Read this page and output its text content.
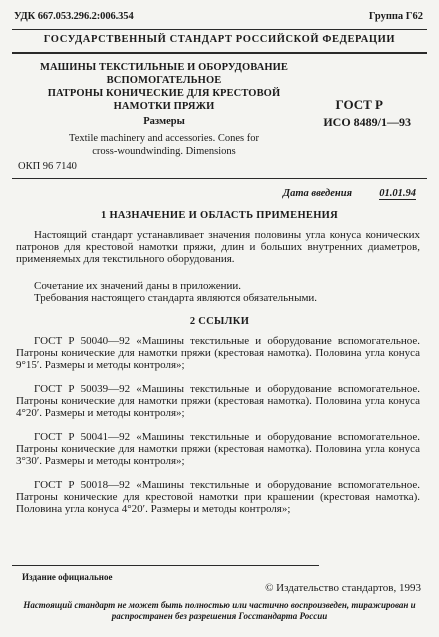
УДК 667.053.296.2:006.354	Группа Г62
ГОСУДАРСТВЕННЫЙ СТАНДАРТ РОССИЙСКОЙ ФЕДЕРАЦИИ
МАШИНЫ ТЕКСТИЛЬНЫЕ И ОБОРУДОВАНИЕ
ВСПОМОГАТЕЛЬНОЕ
ПАТРОНЫ КОНИЧЕСКИЕ ДЛЯ КРЕСТОВОЙ
НАМОТКИ ПРЯЖИ
Размеры
Textile machinery and accessories. Cones for
cross-woundwinding. Dimensions
ОКП 96 7140
ГОСТ Р
ИСО 8489/1—93
Дата введения	01.01.94
1 НАЗНАЧЕНИЕ И ОБЛАСТЬ ПРИМЕНЕНИЯ
Настоящий стандарт устанавливает значения половины угла конуса конических патронов для крестовой намотки пряжи, длин и больших внутренних диаметров, применяемых для текстильного оборудования.
Сочетание их значений даны в приложении.
Требования настоящего стандарта являются обязательными.
2 ССЫЛКИ
ГОСТ Р 50040—92 «Машины текстильные и оборудование вспомогательное. Патроны конические для намотки пряжи (крестовая намотка). Половина угла конуса 9°15′. Размеры и методы контроля»;
ГОСТ Р 50039—92 «Машины текстильные и оборудование вспомогательное. Патроны конические для намотки пряжи (крестовая намотка). Половина угла конуса 4°20′. Размеры и методы контроля»;
ГОСТ Р 50041—92 «Машины текстильные и оборудование вспомогательное. Патроны конические для намотки пряжи (крестовая намотка). Половина угла конуса 3°30′. Размеры и методы контроля»;
ГОСТ Р 50018—92 «Машины текстильные и оборудование вспомогательное. Патроны конические для крестовой намотки при крашении (крестовая намотка). Половина угла конуса 4°20′. Размеры и методы контроля»;
Издание официальное
© Издательство стандартов, 1993
Настоящий стандарт не может быть полностью или частично воспроизведен, тиражирован и распространен без разрешения Госстандарта России
